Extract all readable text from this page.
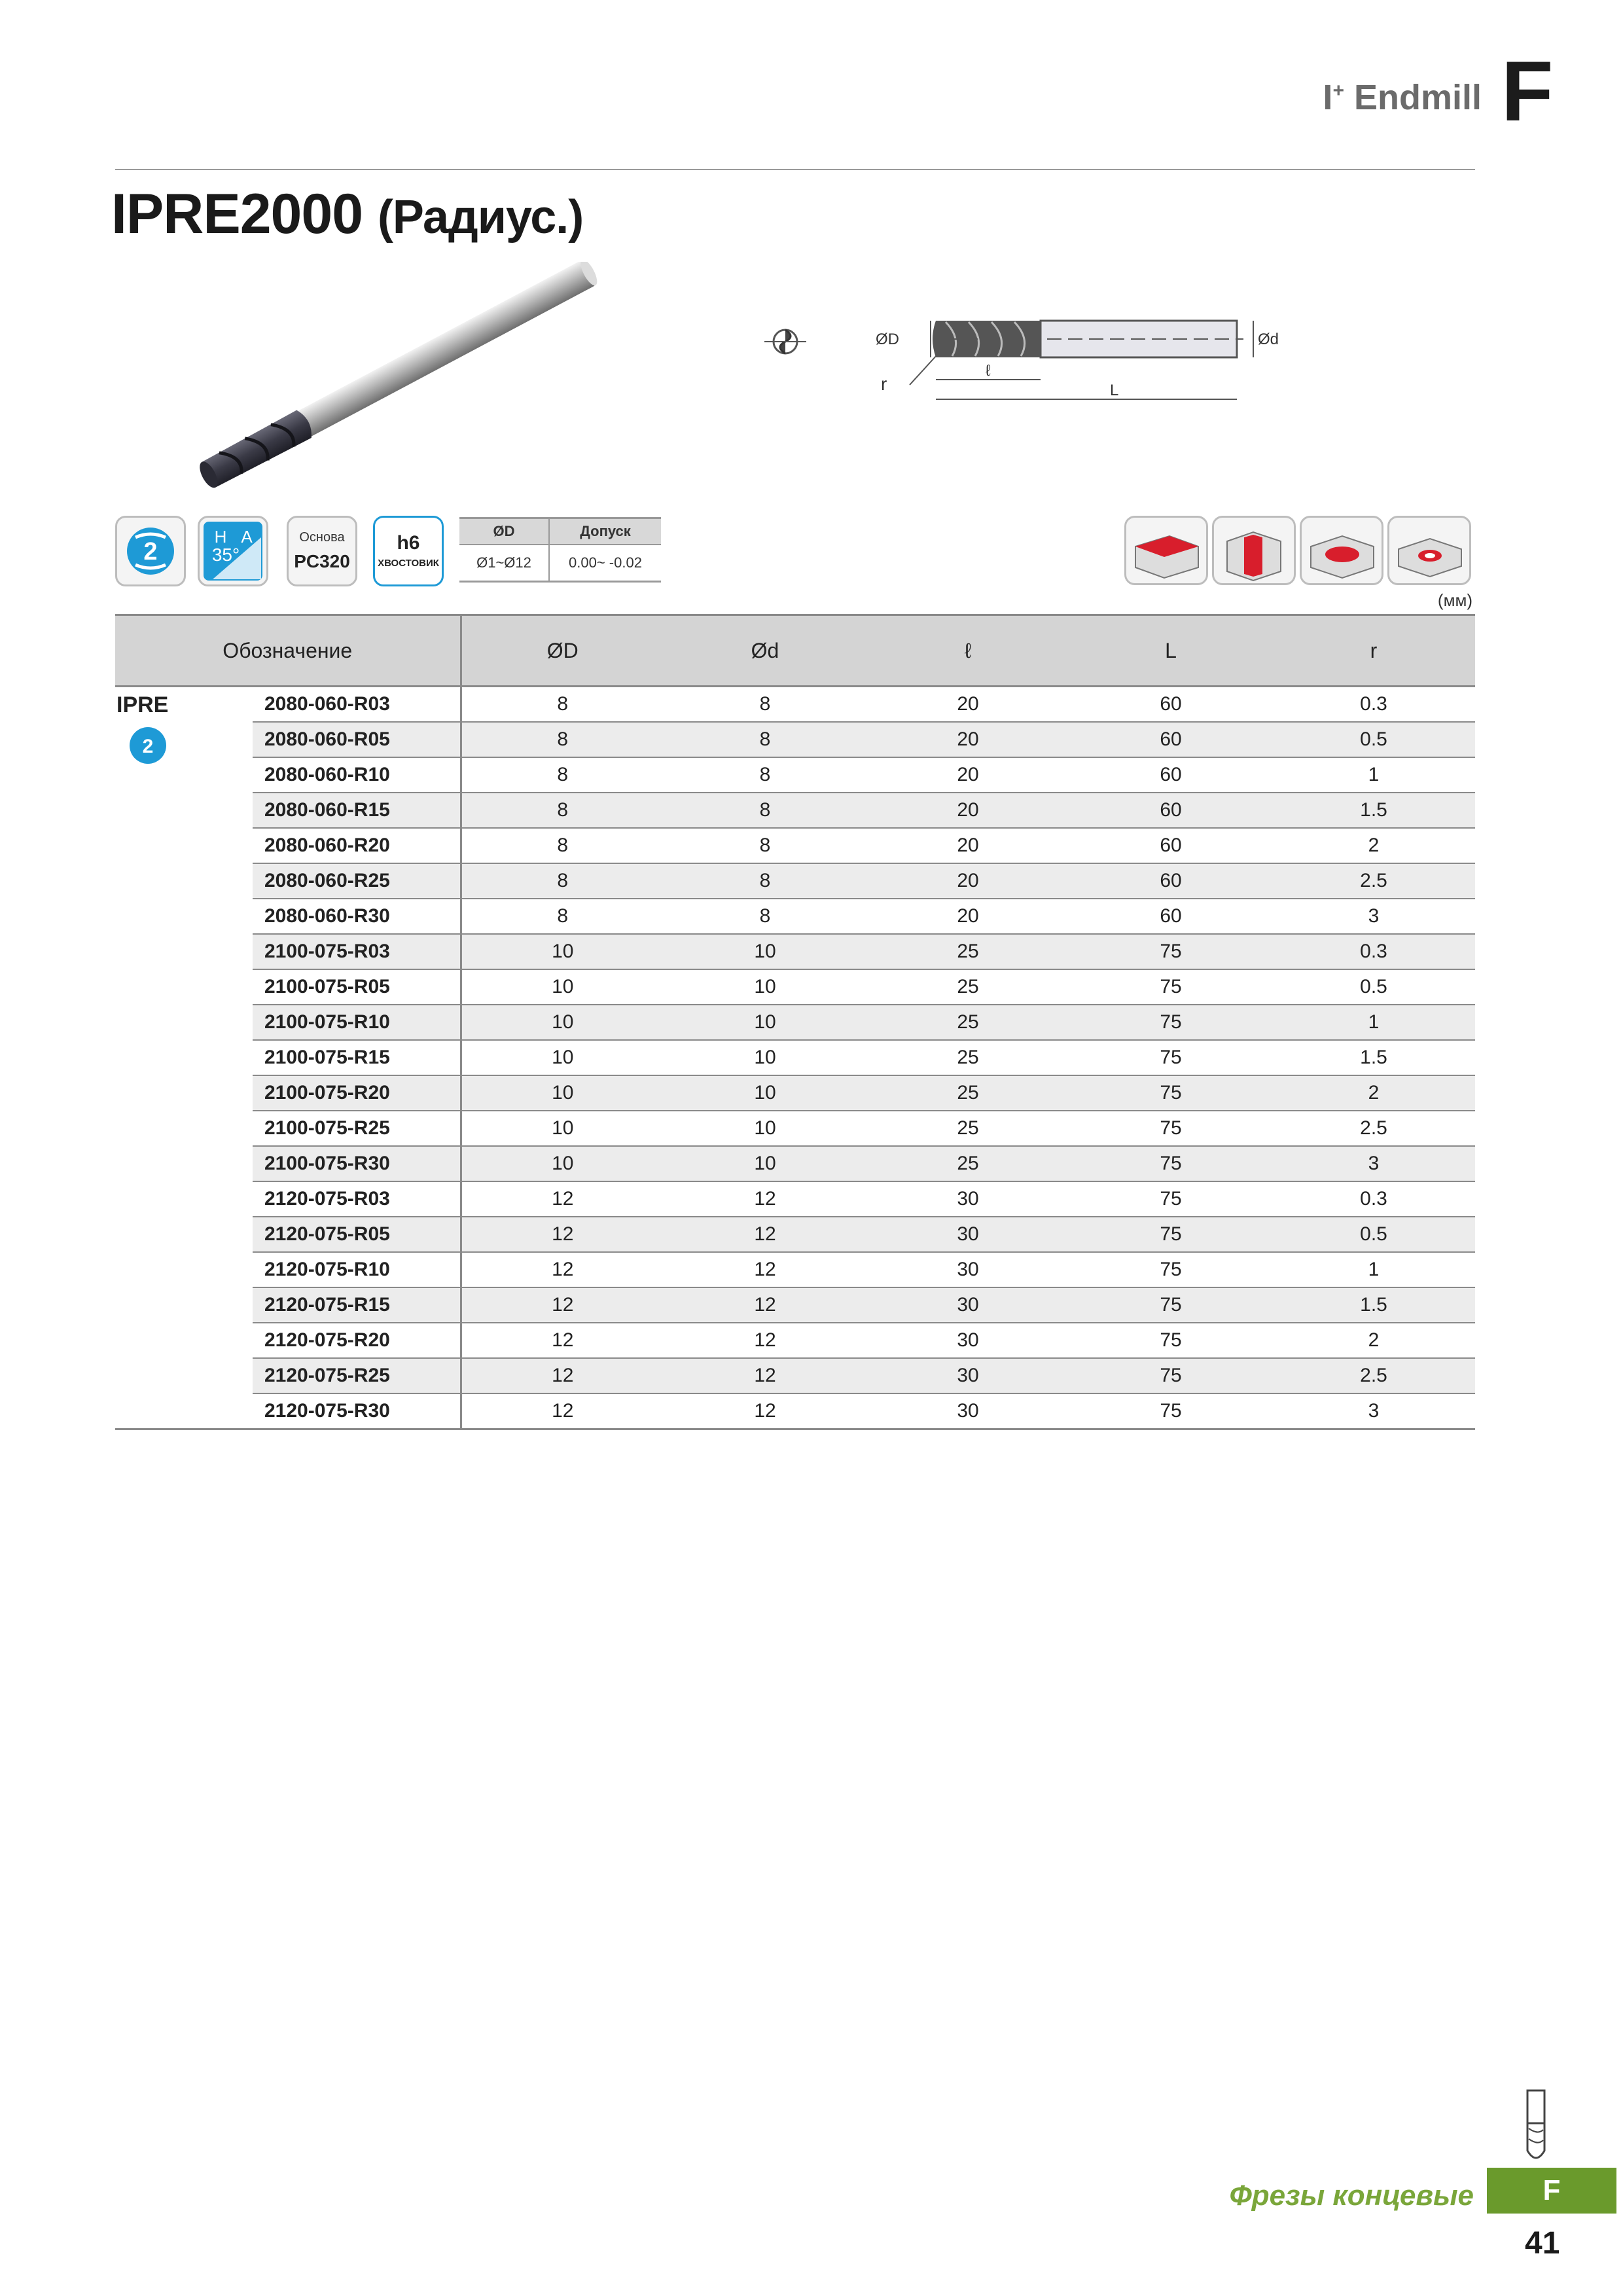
I+ Endmill F
IPRE2000 (Радиус.)
ØD	Ød
ℓ
L
r
2
H A
35°
Основа
PC320
h6
ХВОСТОВИК
ØD	Допуск
Ø1~Ø12	0.00~ -0.02
(мм)
Обозначение		ØD	Ød	ℓ	L	r

IPRE
2	2080-060-R03	8	8	20	60	0.3
	2080-060-R05	8	8	20	60	0.5
	2080-060-R10	8	8	20	60	1
	2080-060-R15	8	8	20	60	1.5
	2080-060-R20	8	8	20	60	2
	2080-060-R25	8	8	20	60	2.5
	2080-060-R30	8	8	20	60	3
	2100-075-R03	10	10	25	75	0.3
	2100-075-R05	10	10	25	75	0.5
	2100-075-R10	10	10	25	75	1
	2100-075-R15	10	10	25	75	1.5
	2100-075-R20	10	10	25	75	2
	2100-075-R25	10	10	25	75	2.5
	2100-075-R30	10	10	25	75	3
	2120-075-R03	12	12	30	75	0.3
	2120-075-R05	12	12	30	75	0.5
	2120-075-R10	12	12	30	75	1
	2120-075-R15	12	12	30	75	1.5
	2120-075-R20	12	12	30	75	2
	2120-075-R25	12	12	30	75	2.5
	2120-075-R30	12	12	30	75	3
Фрезы концевые	F
41
